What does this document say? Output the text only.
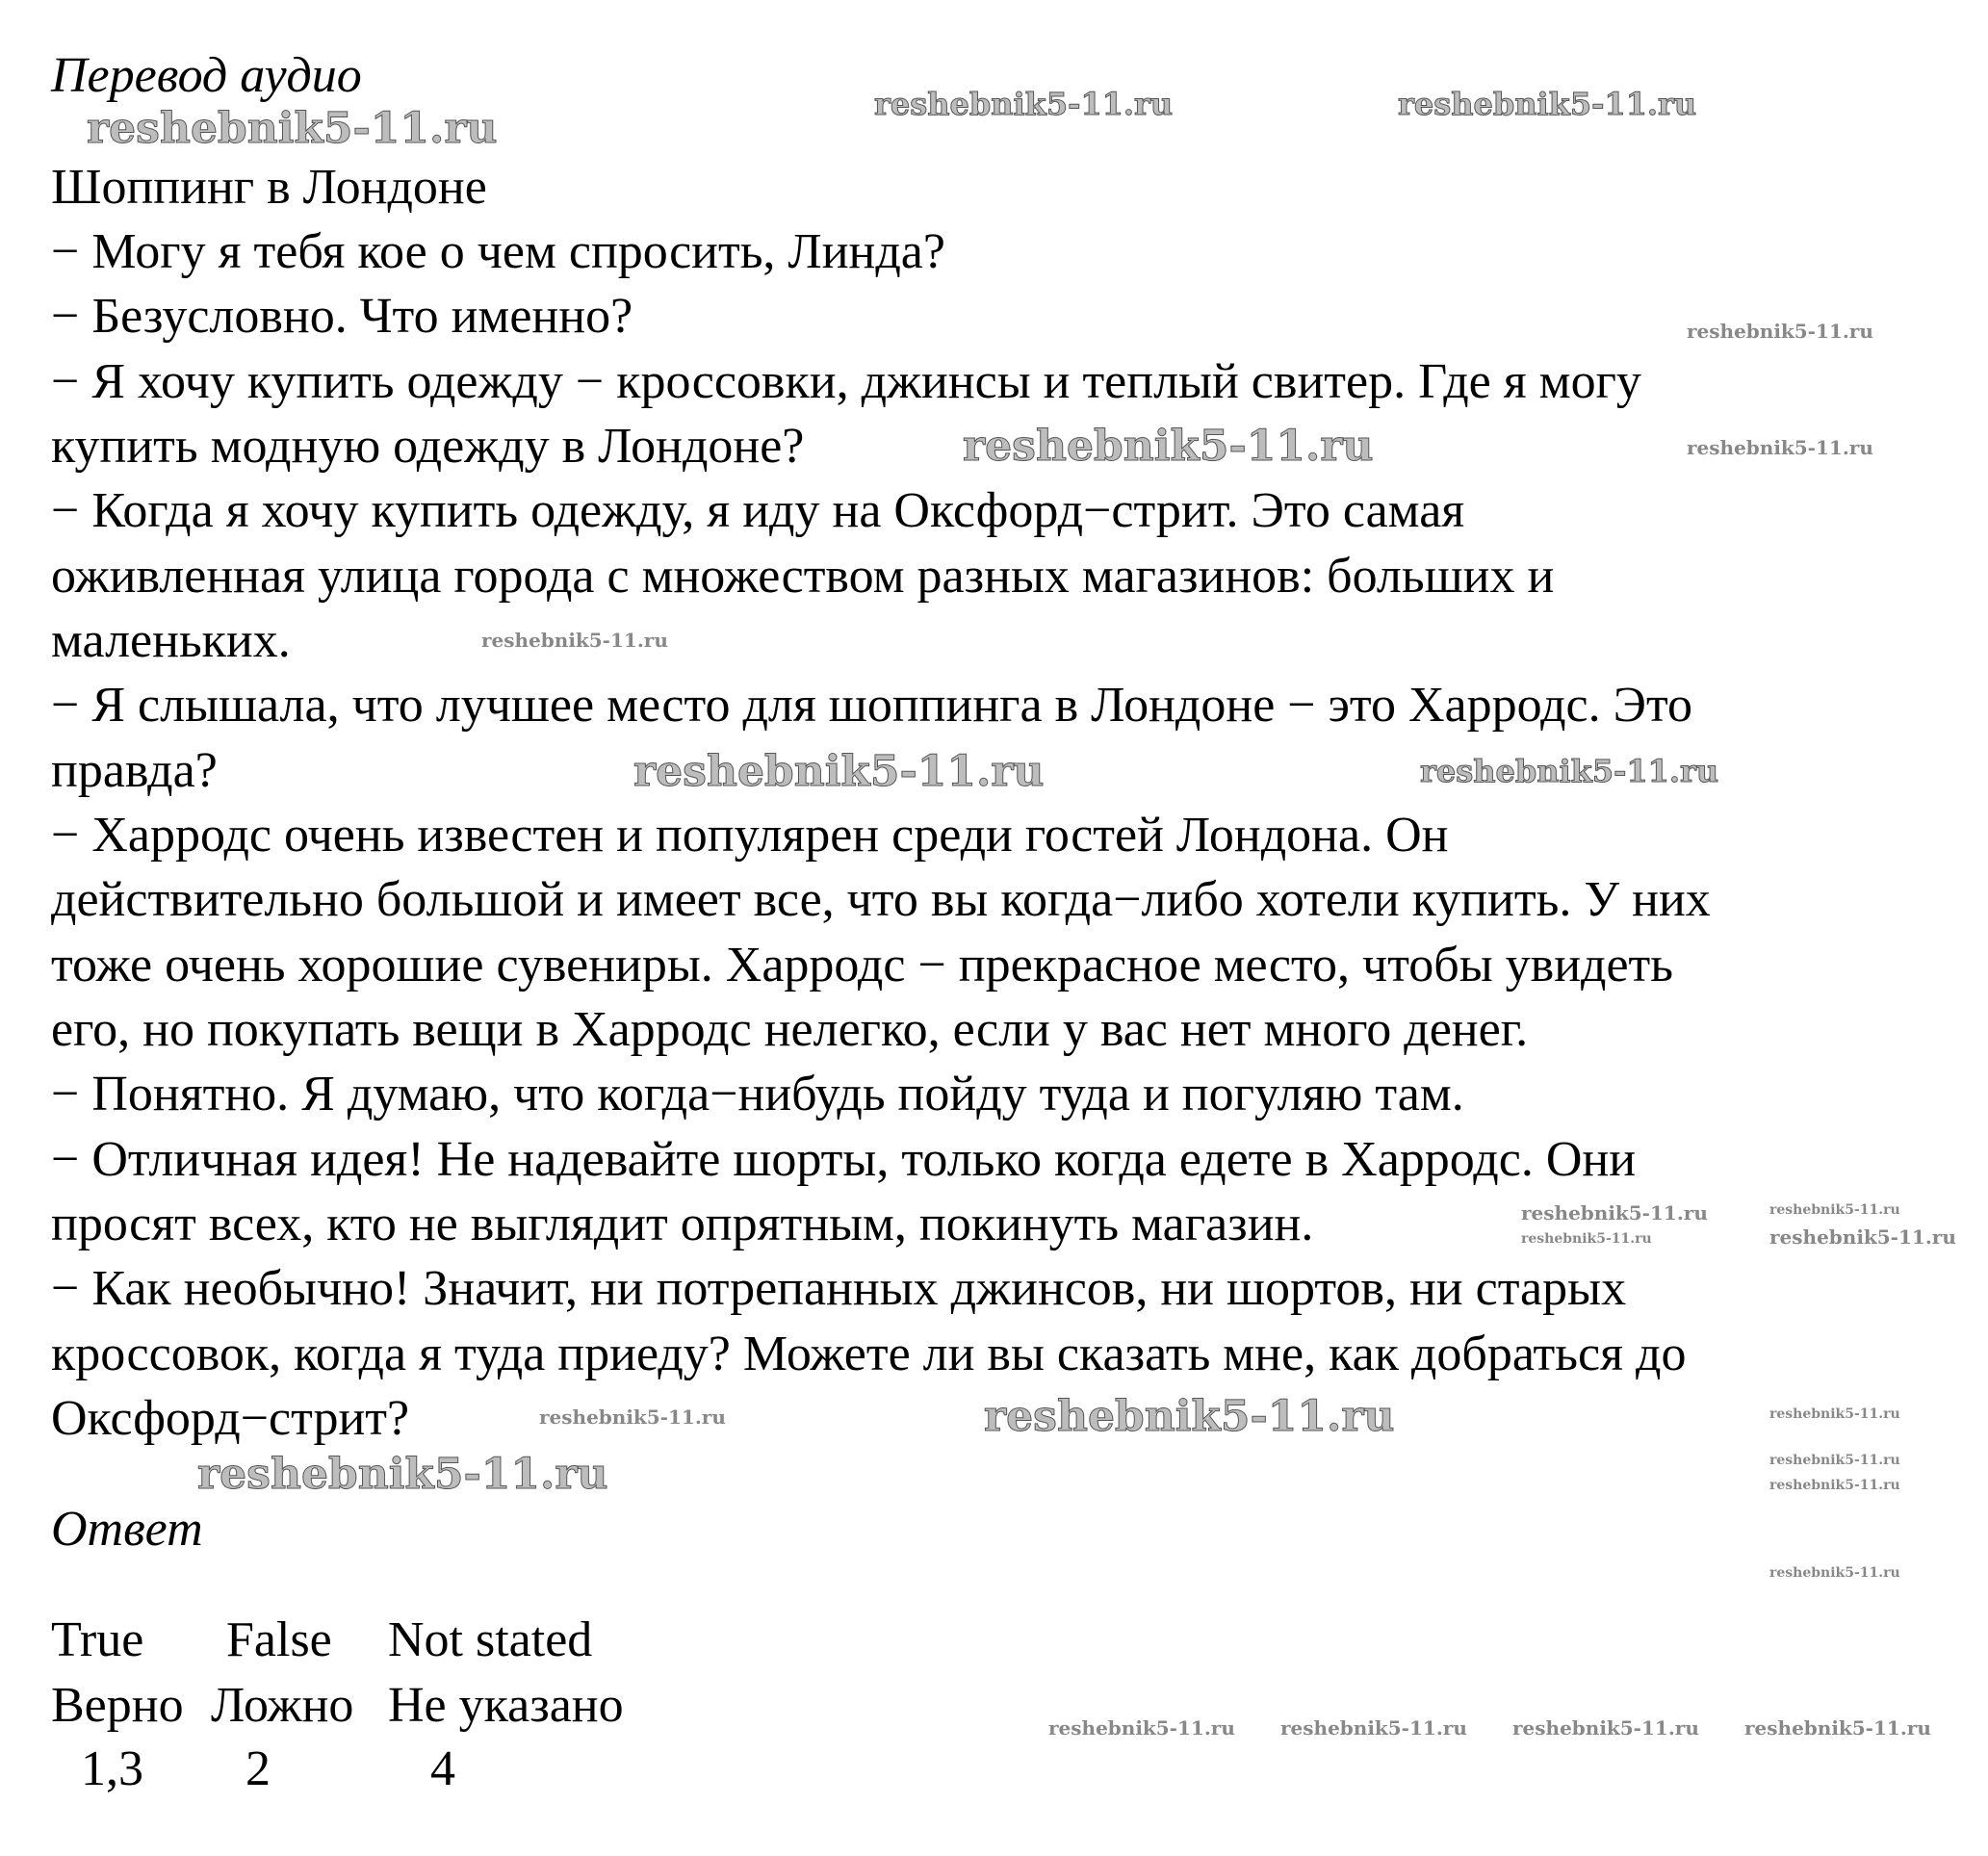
Перевод аудио
Шоппинг в Лондоне
− Могу я тебя кое о чем спросить, Линда?
− Безусловно. Что именно?
− Я хочу купить одежду − кроссовки, джинсы и теплый свитер. Где я могу
купить модную одежду в Лондоне?
− Когда я хочу купить одежду, я иду на Оксфорд−стрит. Это самая
оживленная улица города с множеством разных магазинов: больших и
маленьких.
− Я слышала, что лучшее место для шоппинга в Лондоне − это Харродс. Это
правда?
− Харродс очень известен и популярен среди гостей Лондона. Он
действительно большой и имеет все, что вы когда−либо хотели купить. У них
тоже очень хорошие сувениры. Харродс − прекрасное место, чтобы увидеть
его, но покупать вещи в Харродс нелегко, если у вас нет много денег.
− Понятно. Я думаю, что когда−нибудь пойду туда и погуляю там.
− Отличная идея! Не надевайте шорты, только когда едете в Харродс. Они
просят всех, кто не выглядит опрятным, покинуть магазин.
− Как необычно! Значит, ни потрепанных джинсов, ни шортов, ни старых
кроссовок, когда я туда приеду? Можете ли вы сказать мне, как добраться до
Оксфорд−стрит?
Ответ
True False Not stated
Верно Ложно Не указано
1,3 2	4
reshebnik5-11.ru	reshebnik5-11.ru	reshebnik5-11.ru
reshebnik5-11.ru
reshebnik5-11.ru	reshebnik5-11.ru
reshebnik5-11.ru
reshebnik5-11.ru	reshebnik5-11.ru
reshebnik5-11.ru
reshebnik5-11.ru
reshebnik5-11.ru
reshebnik5-11.ru
reshebnik5-11.ru
reshebnik5-11.ru
reshebnik5-11.ru	reshebnik5-11.ru
reshebnik5-11.ru	reshebnik5-11.ru
reshebnik5-11.ru
reshebnik5-11.ru reshebnik5-11.ru reshebnik5-11.ru reshebnik5-11.ru
